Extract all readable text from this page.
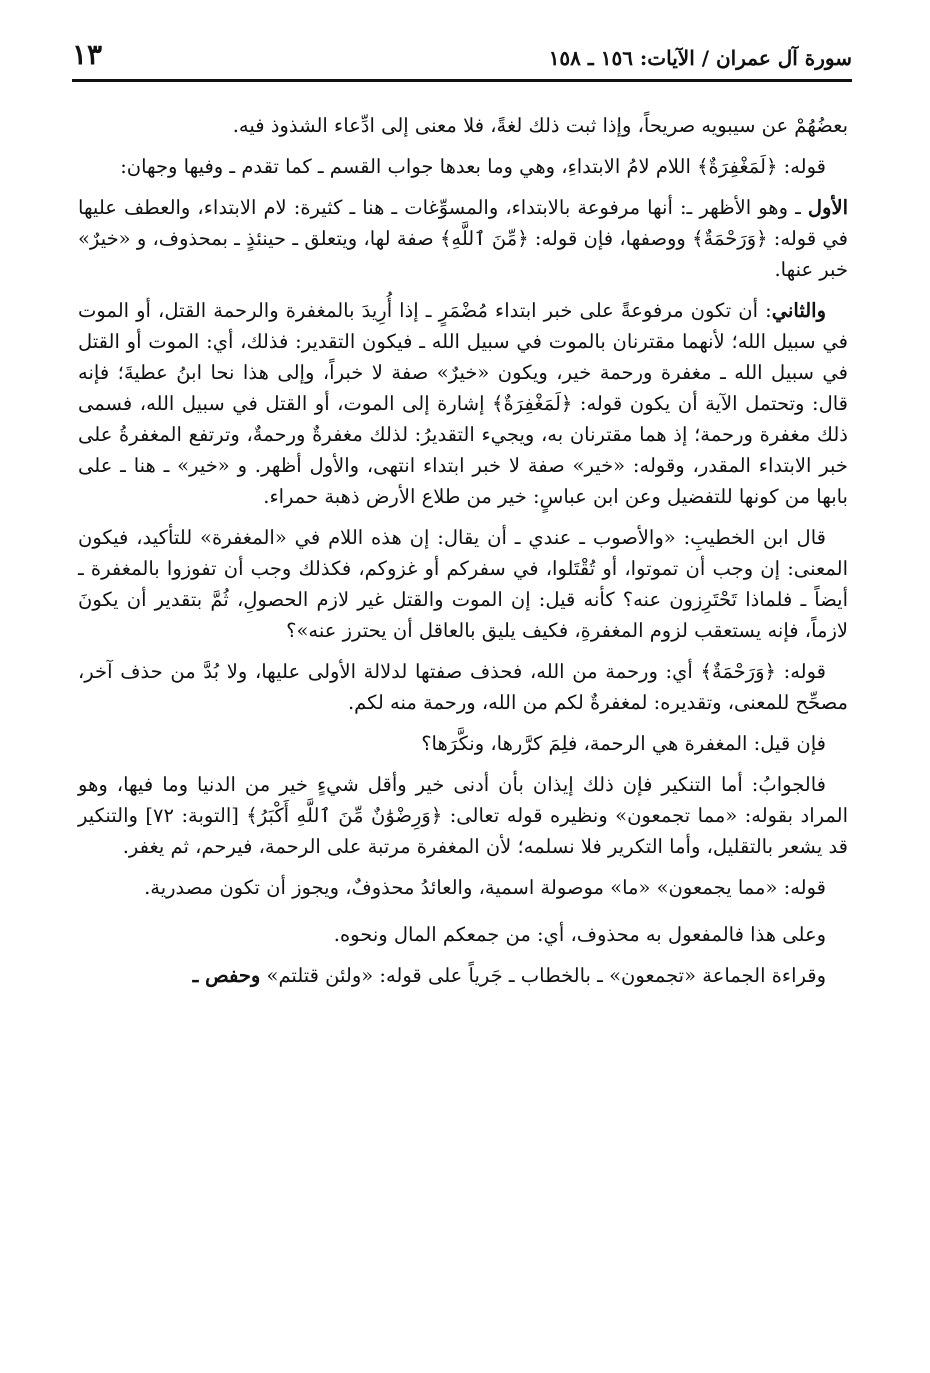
سورة آل عمران / الآيات: ١٥٦ ـ ١٥٨
١٣

بعضُهُمْ عن سيبويه صريحاً، وإذا ثبت ذلك لغةً، فلا معنى إلى ادِّعاء الشذوذ فيه.

قوله: ﴿لَمَغْفِرَةٌ﴾ اللام لامُ الابتداءِ، وهي وما بعدها جواب القسم ـ كما تقدم ـ وفيها وجهان:

الأول ـ وهو الأظهر ـ: أنها مرفوعة بالابتداء، والمسوِّغات ـ هنا ـ كثيرة: لام الابتداء، والعطف عليها في قوله: ﴿وَرَحْمَةٌ﴾ ووصفها، فإن قوله: ﴿مِّنَ ٱللَّهِ﴾ صفة لها، ويتعلق ـ حينئذٍ ـ بمحذوف، و «خيرٌ» خبر عنها.

والثاني: أن تكون مرفوعةً على خبر ابتداء مُضْمَرٍ ـ إذا أُرِيدَ بالمغفرة والرحمة القتل، أو الموت في سبيل الله؛ لأنهما مقترنان بالموت في سبيل الله ـ فيكون التقدير: فذلك، أي: الموت أو القتل في سبيل الله ـ مغفرة ورحمة خير، ويكون «خيرٌ» صفة لا خبراً، وإلى هذا نحا ابنُ عطيةَ؛ فإنه قال: وتحتمل الآية أن يكون قوله: ﴿لَمَغْفِرَةٌ﴾ إشارة إلى الموت، أو القتل في سبيل الله، فسمى ذلك مغفرة ورحمة؛ إذ هما مقترنان به، ويجيء التقديرُ: لذلك مغفرةٌ ورحمةٌ، وترتفع المغفرةُ على خبر الابتداء المقدر، وقوله: «خير» صفة لا خبر ابتداء انتهى، والأول أظهر. و «خير» ـ هنا ـ على بابها من كونها للتفضيل وعن ابن عباسٍ: خير من طلاع الأرض ذهبة حمراء.

قال ابن الخطيبِ: «والأصوب ـ عندي ـ أن يقال: إن هذه اللام في «المغفرة» للتأكيد، فيكون المعنى: إن وجب أن تموتوا، أو تُقْتَلوا، في سفركم أو غزوكم، فكذلك وجب أن تفوزوا بالمغفرة ـ أيضاً ـ فلماذا تَحْتَرِزون عنه؟ كأنه قيل: إن الموت والقتل غير لازم الحصولِ، ثُمَّ بتقدير أن يكونَ لازماً، فإنه يستعقب لزوم المغفرةِ، فكيف يليق بالعاقل أن يحترز عنه»؟

قوله: ﴿وَرَحْمَةٌ﴾ أي: ورحمة من الله، فحذف صفتها لدلالة الأولى عليها، ولا بُدَّ من حذف آخر، مصحِّح للمعنى، وتقديره: لمغفرةٌ لكم من الله، ورحمة منه لكم.

فإن قيل: المغفرة هي الرحمة، فلِمَ كرَّرها، ونكَّرَها؟

فالجوابُ: أما التنكير فإن ذلك إيذان بأن أدنى خير وأقل شيءٍ خير من الدنيا وما فيها، وهو المراد بقوله: «مما تجمعون» ونظيره قوله تعالى: ﴿وَرِضْوَٰنٌ مِّنَ ٱللَّهِ أَكْبَرُ﴾ [التوبة: ٧٢] والتنكير قد يشعر بالتقليل، وأما التكرير فلا نسلمه؛ لأن المغفرة مرتبة على الرحمة، فيرحم، ثم يغفر.

قوله: «مما يجمعون» «ما» موصولة اسمية، والعائدُ محذوفٌ، ويجوز أن تكون مصدرية.

وعلى هذا فالمفعول به محذوف، أي: من جمعكم المال ونحوه.

وقراءة الجماعة «تجمعون» ـ بالخطاب ـ جَرياً على قوله: «ولئن قتلتم» وحفص ـ
